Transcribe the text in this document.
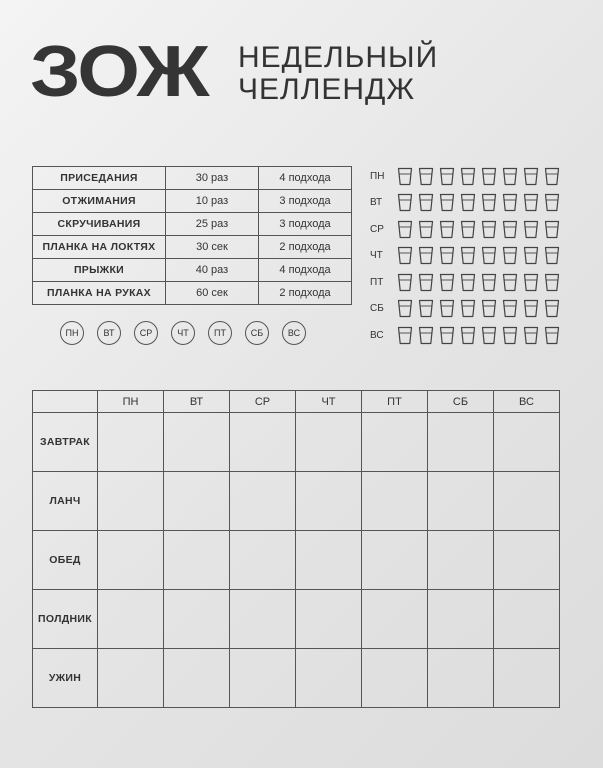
ЗОЖ НЕДЕЛЬНЫЙ
ЧЕЛЛЕНДЖ
ПРИСЕДАНИЯ	30 раз	4 подхода
ОТЖИМАНИЯ	10 раз	3 подхода
СКРУЧИВАНИЯ	25 раз	3 подхода
ПЛАНКА НА ЛОКТЯХ	30 сек	2 подхода
ПРЫЖКИ	40 раз	4 подхода
ПЛАНКА НА РУКАХ	60 сек	2 подхода
ПН	ВТ	СР	ЧТ	ПТ	СБ	ВС
ПН
ВТ
СР
ЧТ
ПТ
СБ
ВС
	ПН	ВТ	СР	ЧТ	ПТ	СБ	ВС
ЗАВТРАК							
ЛАНЧ							
ОБЕД							
ПОЛДНИК							
УЖИН							
